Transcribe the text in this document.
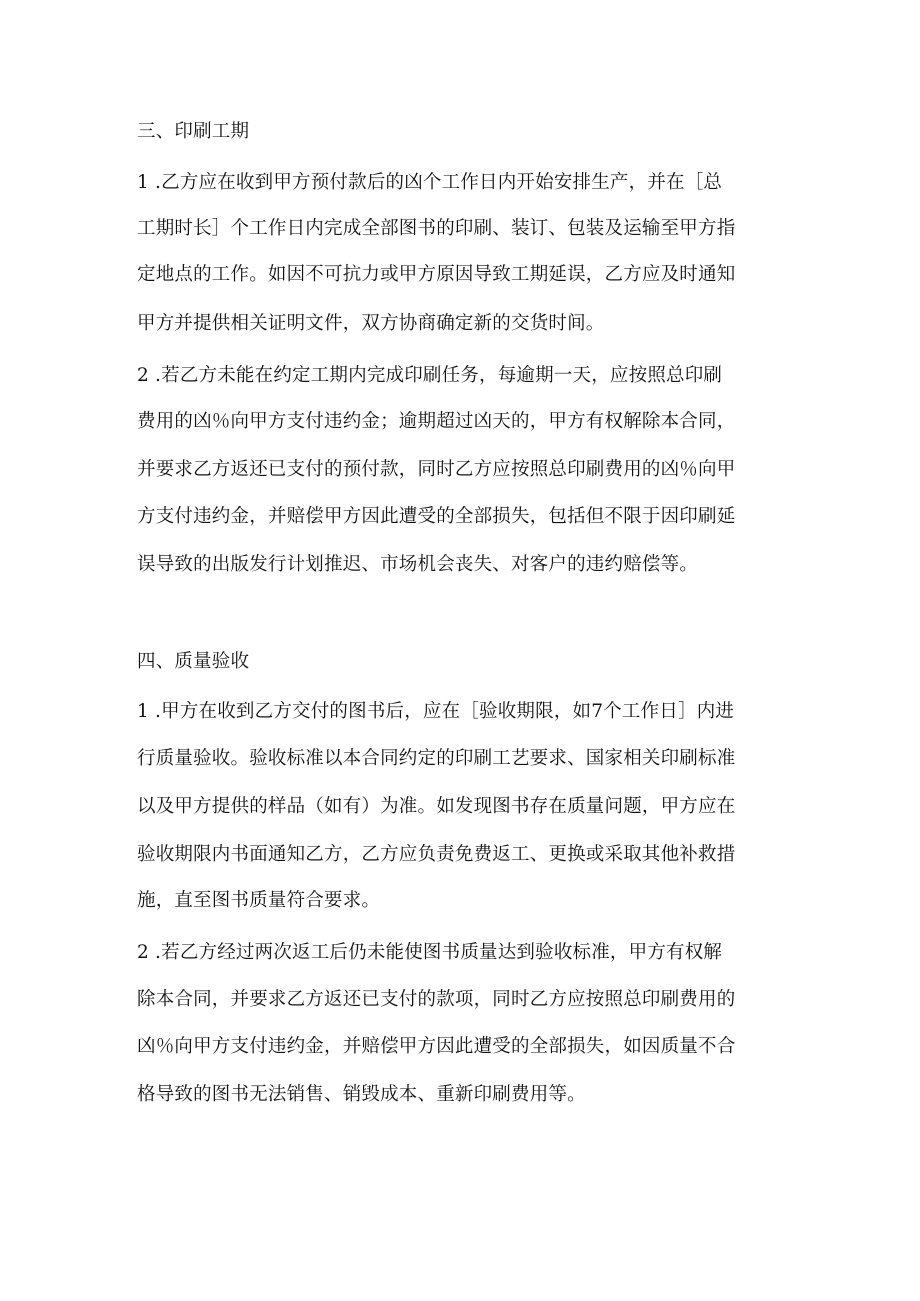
三、印刷工期
1 .乙方应在收到甲方预付款后的凶个工作日内开始安排生产，并在［总
工期时长］个工作日内完成全部图书的印刷、装订、包装及运输至甲方指
定地点的工作。如因不可抗力或甲方原因导致工期延误，乙方应及时通知
甲方并提供相关证明文件，双方协商确定新的交货时间。
2 .若乙方未能在约定工期内完成印刷任务，每逾期一天，应按照总印刷
费用的凶％向甲方支付违约金；逾期超过凶天的，甲方有权解除本合同，
并要求乙方返还已支付的预付款，同时乙方应按照总印刷费用的凶％向甲
方支付违约金，并赔偿甲方因此遭受的全部损失，包括但不限于因印刷延
误导致的出版发行计划推迟、市场机会丧失、对客户的违约赔偿等。
四、质量验收
1 .甲方在收到乙方交付的图书后，应在［验收期限，如7个工作日］内进
行质量验收。验收标准以本合同约定的印刷工艺要求、国家相关印刷标准
以及甲方提供的样品（如有）为准。如发现图书存在质量问题，甲方应在
验收期限内书面通知乙方，乙方应负责免费返工、更换或采取其他补救措
施，直至图书质量符合要求。
2 .若乙方经过两次返工后仍未能使图书质量达到验收标准，甲方有权解
除本合同，并要求乙方返还已支付的款项，同时乙方应按照总印刷费用的
凶％向甲方支付违约金，并赔偿甲方因此遭受的全部损失，如因质量不合
格导致的图书无法销售、销毁成本、重新印刷费用等。
